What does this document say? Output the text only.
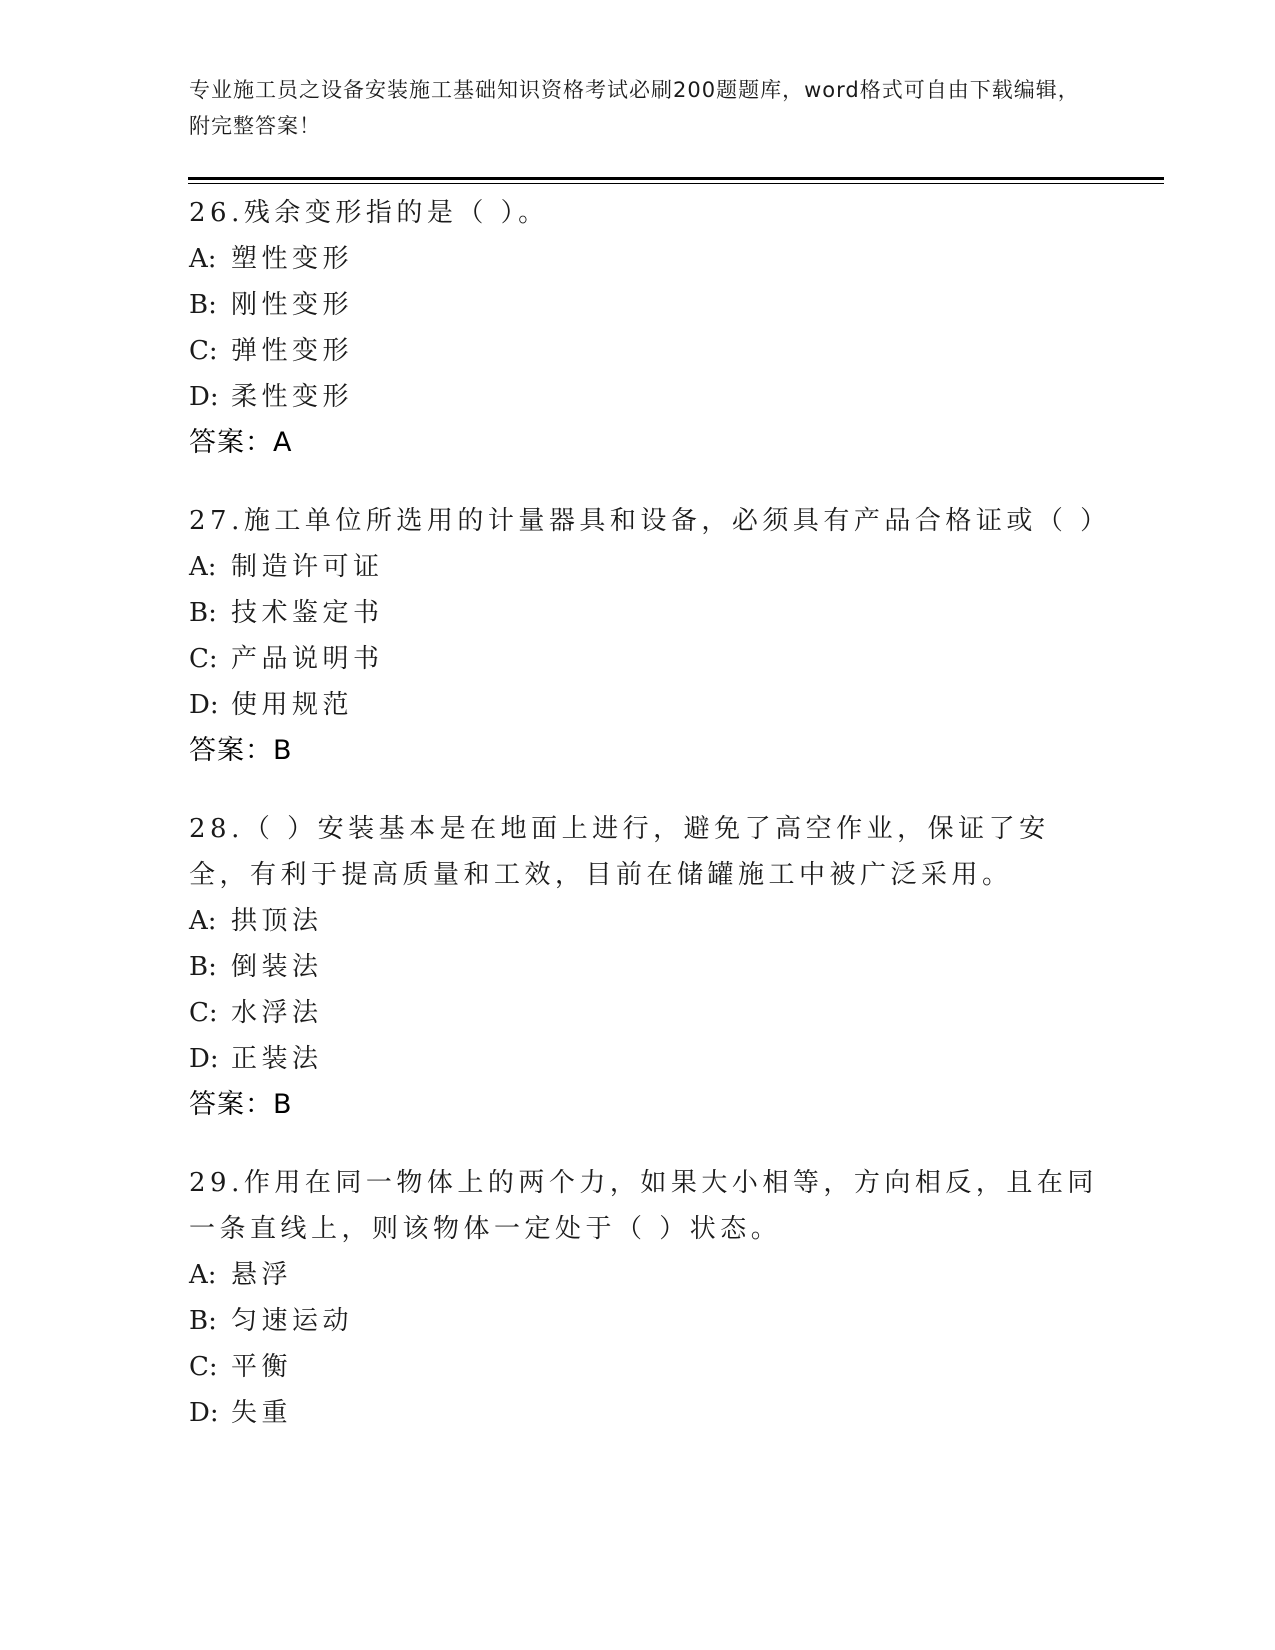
专业施工员之设备安装施工基础知识资格考试必刷200题题库，word格式可自由下载编辑，附完整答案！

26.残余变形指的是（ ）。

A: 塑性变形
B: 刚性变形
C: 弹性变形
D: 柔性变形

答案：A

27.施工单位所选用的计量器具和设备，必须具有产品合格证或（ ）

A: 制造许可证
B: 技术鉴定书
C: 产品说明书
D: 使用规范

答案：B

28.（ ）安装基本是在地面上进行，避免了高空作业，保证了安全，有利于提高质量和工效，目前在储罐施工中被广泛采用。

A: 拱顶法
B: 倒装法
C: 水浮法
D: 正装法

答案：B

29.作用在同一物体上的两个力，如果大小相等，方向相反，且在同一条直线上，则该物体一定处于（ ）状态。

A: 悬浮
B: 匀速运动
C: 平衡
D: 失重
